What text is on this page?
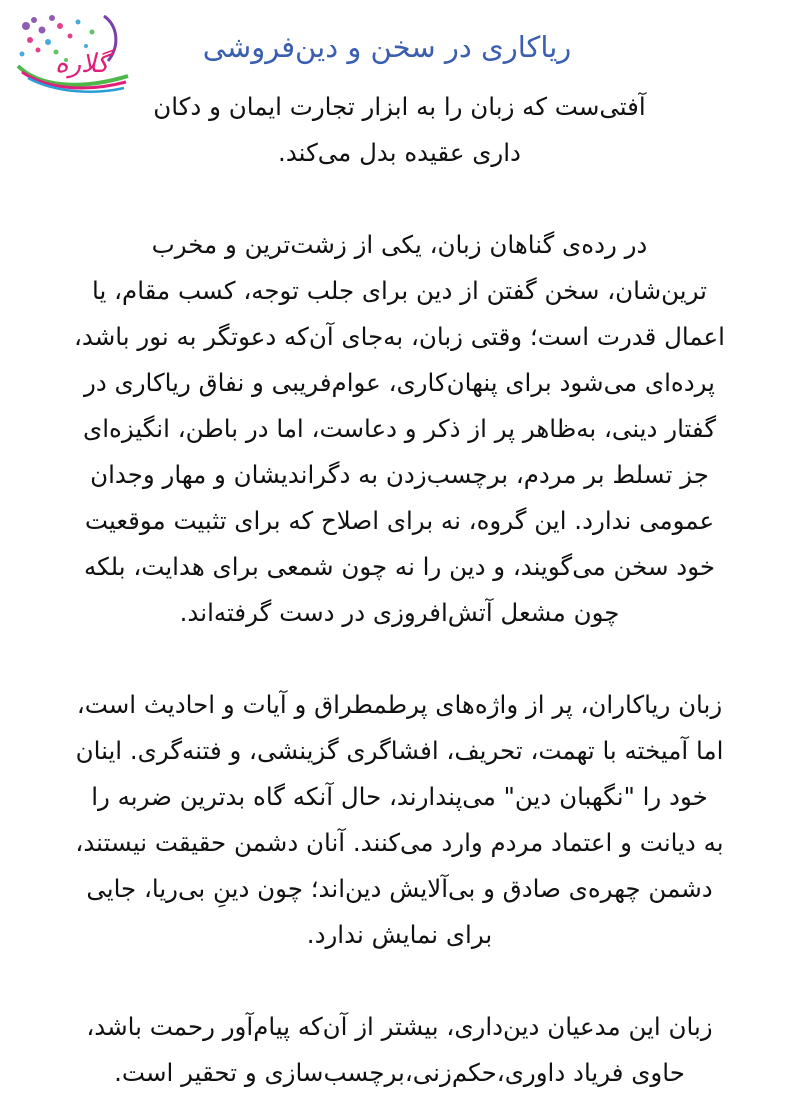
گلاره	ریاکاری در سخن و دین‌فروشی

آفتی‌ست که زبان را به ابزار تجارت ایمان و دکان
داری عقیده بدل می‌کند.

در رده‌ی گناهان زبان، یکی از زشت‌ترین و مخرب
ترین‌شان، سخن گفتن از دین برای جلب توجه، کسب مقام، یا
اعمال قدرت است؛ وقتی زبان، به‌جای آن‌که دعوتگر به نور باشد،
پرده‌ای می‌شود برای پنهان‌کاری، عوام‌فریبی و نفاق ریاکاری در
گفتار دینی، به‌ظاهر پر از ذکر و دعاست، اما در باطن، انگیزه‌ای
جز تسلط بر مردم، برچسب‌زدن به دگراندیشان و مهار وجدان
عمومی ندارد. این گروه، نه برای اصلاح که برای تثبیت موقعیت
خود سخن می‌گویند، و دین را نه چون شمعی برای هدایت، بلکه
چون مشعل آتش‌افروزی در دست گرفته‌اند.

زبان ریاکاران، پر از واژه‌های پرطمطراق و آیات و احادیث است،
اما آمیخته با تهمت، تحریف، افشاگری گزینشی، و فتنه‌گری. اینان
خود را "نگهبان دین" می‌پندارند، حال آنکه گاه بدترین ضربه را
به دیانت و اعتماد مردم وارد می‌کنند. آنان دشمن حقیقت نیستند،
دشمن چهره‌ی صادق و بی‌آلایش دین‌اند؛ چون دینِ بی‌ریا، جایی
برای نمایش ندارد.

زبان این مدعیان دین‌داری، بیشتر از آن‌که پیام‌آور رحمت باشد،
حاوی فریاد داوری،حکم‌زنی،برچسب‌سازی و تحقیر است.
